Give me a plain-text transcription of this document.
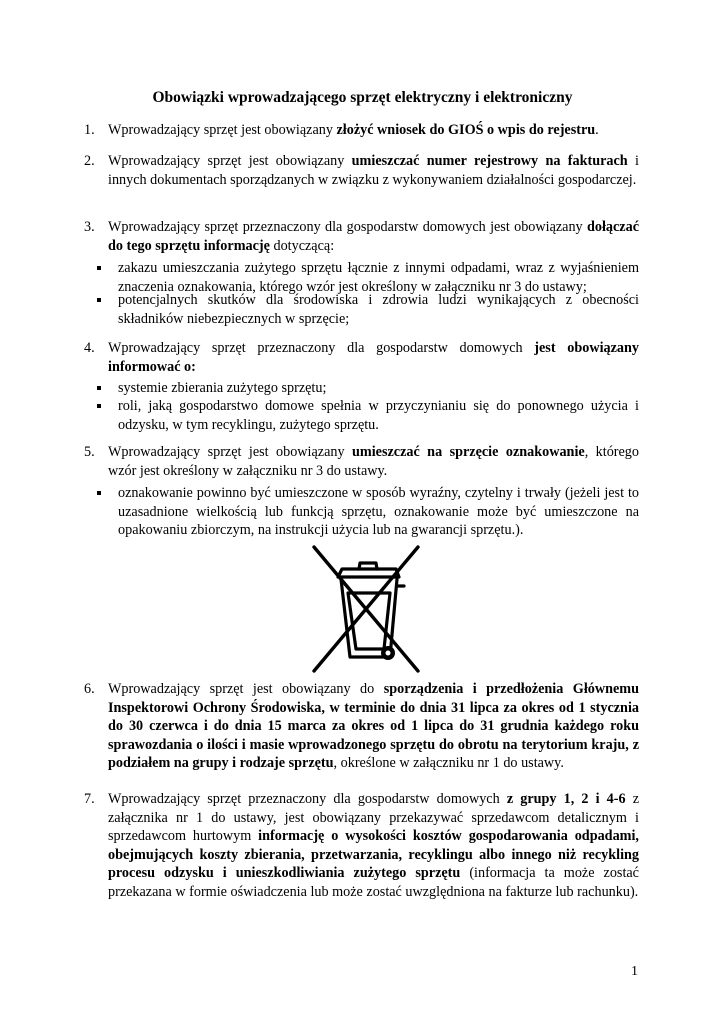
Obowiązki wprowadzającego sprzęt elektryczny i elektroniczny
1. Wprowadzający sprzęt jest obowiązany złożyć wniosek do GIOŚ o wpis do rejestru.
2. Wprowadzający sprzęt jest obowiązany umieszczać numer rejestrowy na fakturach i innych dokumentach sporządzanych w związku z wykonywaniem działalności gospodarczej.
3. Wprowadzający sprzęt przeznaczony dla gospodarstw domowych jest obowiązany dołączać do tego sprzętu informację dotyczącą:
zakazu umieszczania zużytego sprzętu łącznie z innymi odpadami, wraz z wyjaśnieniem znaczenia oznakowania, którego wzór jest określony w załączniku nr 3 do ustawy;
potencjalnych skutków dla środowiska i zdrowia ludzi wynikających z obecności składników niebezpiecznych w sprzęcie;
4. Wprowadzający sprzęt przeznaczony dla gospodarstw domowych jest obowiązany informować o:
systemie zbierania zużytego sprzętu;
roli, jaką gospodarstwo domowe spełnia w przyczynianiu się do ponownego użycia i odzysku, w tym recyklingu, zużytego sprzętu.
5. Wprowadzający sprzęt jest obowiązany umieszczać na sprzęcie oznakowanie, którego wzór jest określony w załączniku nr 3 do ustawy.
oznakowanie powinno być umieszczone w sposób wyraźny, czytelny i trwały (jeżeli jest to uzasadnione wielkością lub funkcją sprzętu, oznakowanie może być umieszczone na opakowaniu zbiorczym, na instrukcji użycia lub na gwarancji sprzętu.).
6. Wprowadzający sprzęt jest obowiązany do sporządzenia i przedłożenia Głównemu Inspektorowi Ochrony Środowiska, w terminie do dnia 31 lipca za okres od 1 stycznia do 30 czerwca i do dnia 15 marca za okres od 1 lipca do 31 grudnia każdego roku sprawozdania o ilości i masie wprowadzonego sprzętu do obrotu na terytorium kraju, z podziałem na grupy i rodzaje sprzętu, określone w załączniku nr 1 do ustawy.
7. Wprowadzający sprzęt przeznaczony dla gospodarstw domowych z grupy 1, 2 i 4-6 z załącznika nr 1 do ustawy, jest obowiązany przekazywać sprzedawcom detalicznym i sprzedawcom hurtowym informację o wysokości kosztów gospodarowania odpadami, obejmujących koszty zbierania, przetwarzania, recyklingu albo innego niż recykling procesu odzysku i unieszkodliwiania zużytego sprzętu (informacja ta może zostać przekazana w formie oświadczenia lub może zostać uwzględniona na fakturze lub rachunku).
1
